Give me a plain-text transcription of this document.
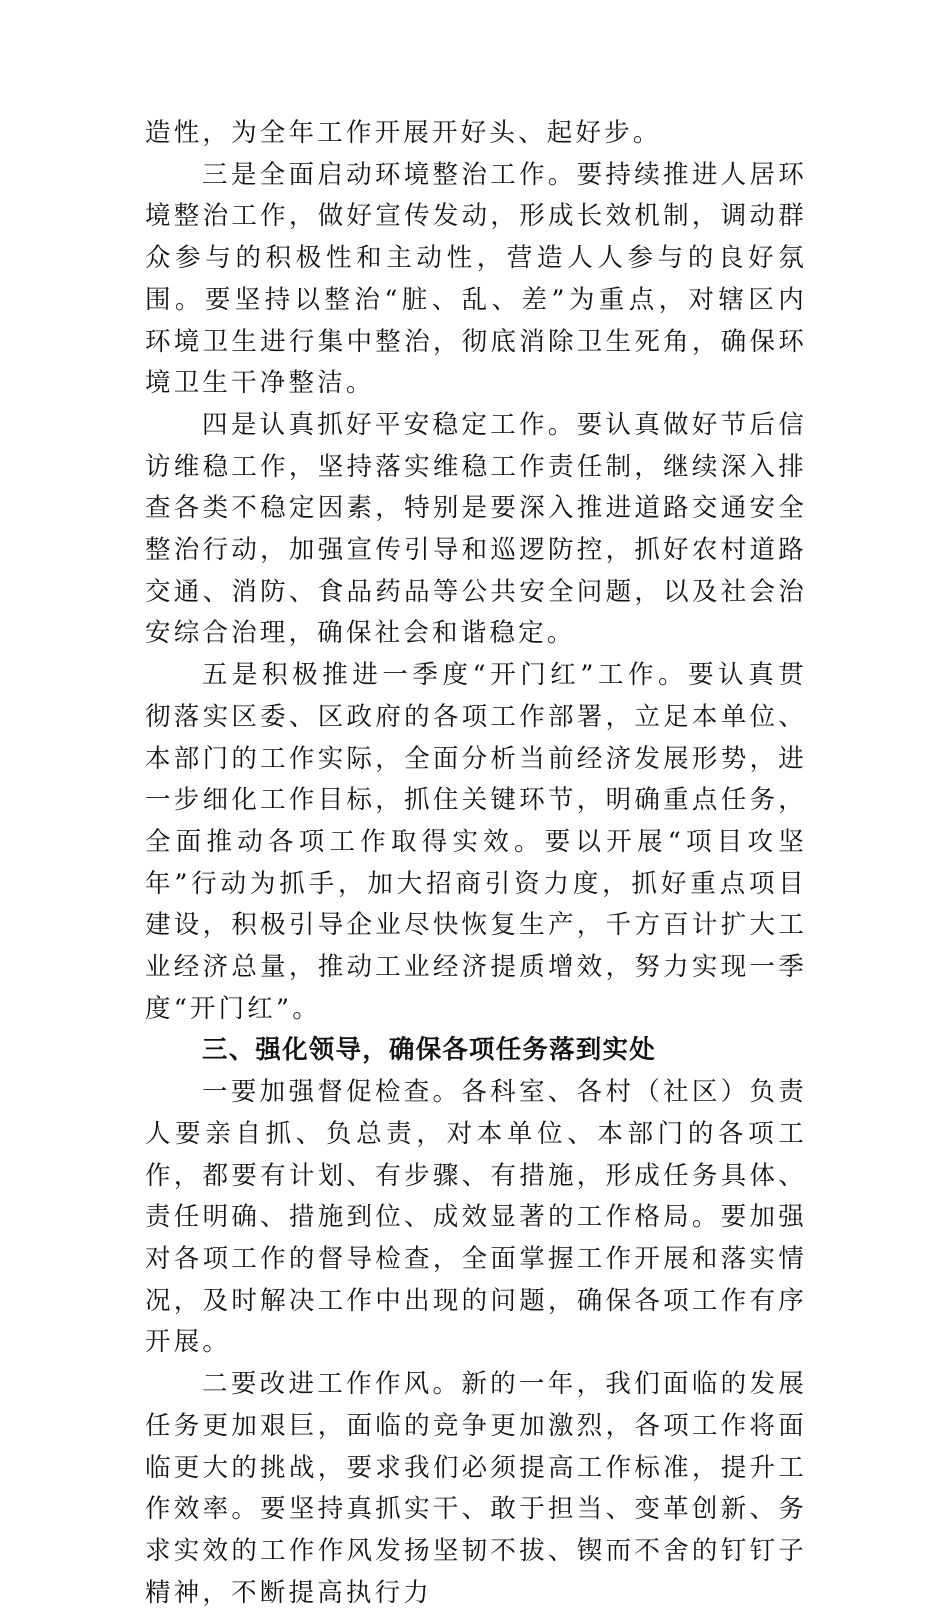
造性，为全年工作开展开好头、起好步。

三是全面启动环境整治工作。要持续推进人居环境整治工作，做好宣传发动，形成长效机制，调动群众参与的积极性和主动性，营造人人参与的良好氛围。要坚持以整治“脏、乱、差”为重点，对辖区内环境卫生进行集中整治，彻底消除卫生死角，确保环境卫生干净整洁。

四是认真抓好平安稳定工作。要认真做好节后信访维稳工作，坚持落实维稳工作责任制，继续深入排查各类不稳定因素，特别是要深入推进道路交通安全整治行动，加强宣传引导和巡逻防控，抓好农村道路交通、消防、食品药品等公共安全问题，以及社会治安综合治理，确保社会和谐稳定。

五是积极推进一季度“开门红”工作。要认真贯彻落实区委、区政府的各项工作部署，立足本单位、本部门的工作实际，全面分析当前经济发展形势，进一步细化工作目标，抓住关键环节，明确重点任务，全面推动各项工作取得实效。要以开展“项目攻坚年”行动为抓手，加大招商引资力度，抓好重点项目建设，积极引导企业尽快恢复生产，千方百计扩大工业经济总量，推动工业经济提质增效，努力实现一季度“开门红”。

三、强化领导，确保各项任务落到实处

一要加强督促检查。各科室、各村（社区）负责人要亲自抓、负总责，对本单位、本部门的各项工作，都要有计划、有步骤、有措施，形成任务具体、责任明确、措施到位、成效显著的工作格局。要加强对各项工作的督导检查，全面掌握工作开展和落实情况，及时解决工作中出现的问题，确保各项工作有序开展。

二要改进工作作风。新的一年，我们面临的发展任务更加艰巨，面临的竞争更加激烈，各项工作将面临更大的挑战，要求我们必须提高工作标准，提升工作效率。要坚持真抓实干、敢于担当、变革创新、务求实效的工作作风发扬坚韧不拔、锲而不舍的钉钉子精神，不断提高执行力
